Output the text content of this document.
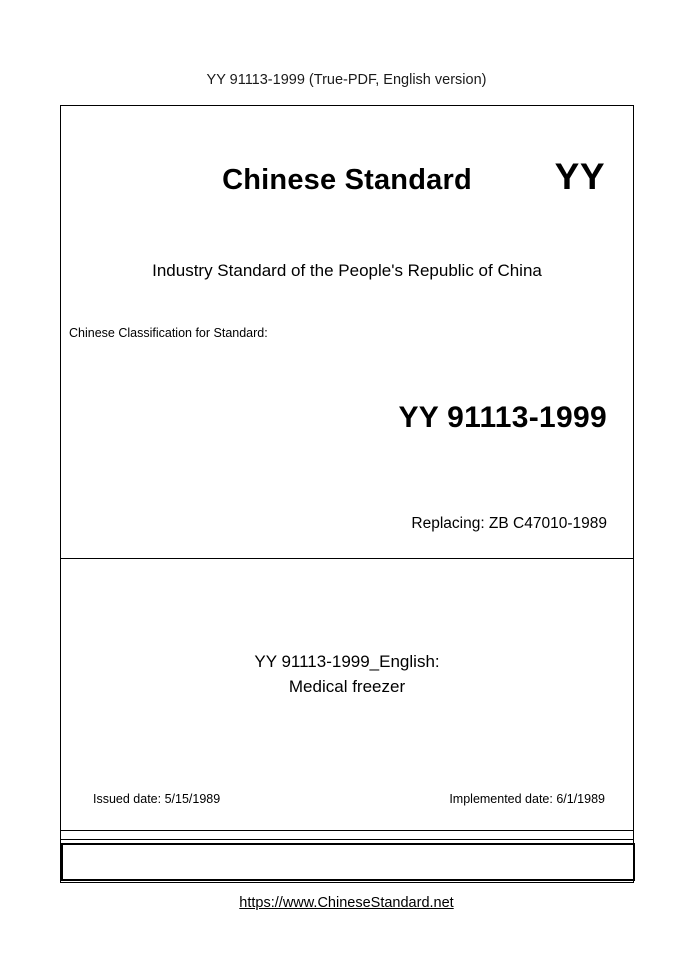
YY 91113-1999 (True-PDF, English version)
Chinese Standard	YY
Industry Standard of the People's Republic of China
Chinese Classification for Standard:
YY 91113-1999
Replacing: ZB C47010-1989
YY 91113-1999_English:
Medical freezer
Issued date: 5/15/1989	Implemented date: 6/1/1989
https://www.ChineseStandard.net
